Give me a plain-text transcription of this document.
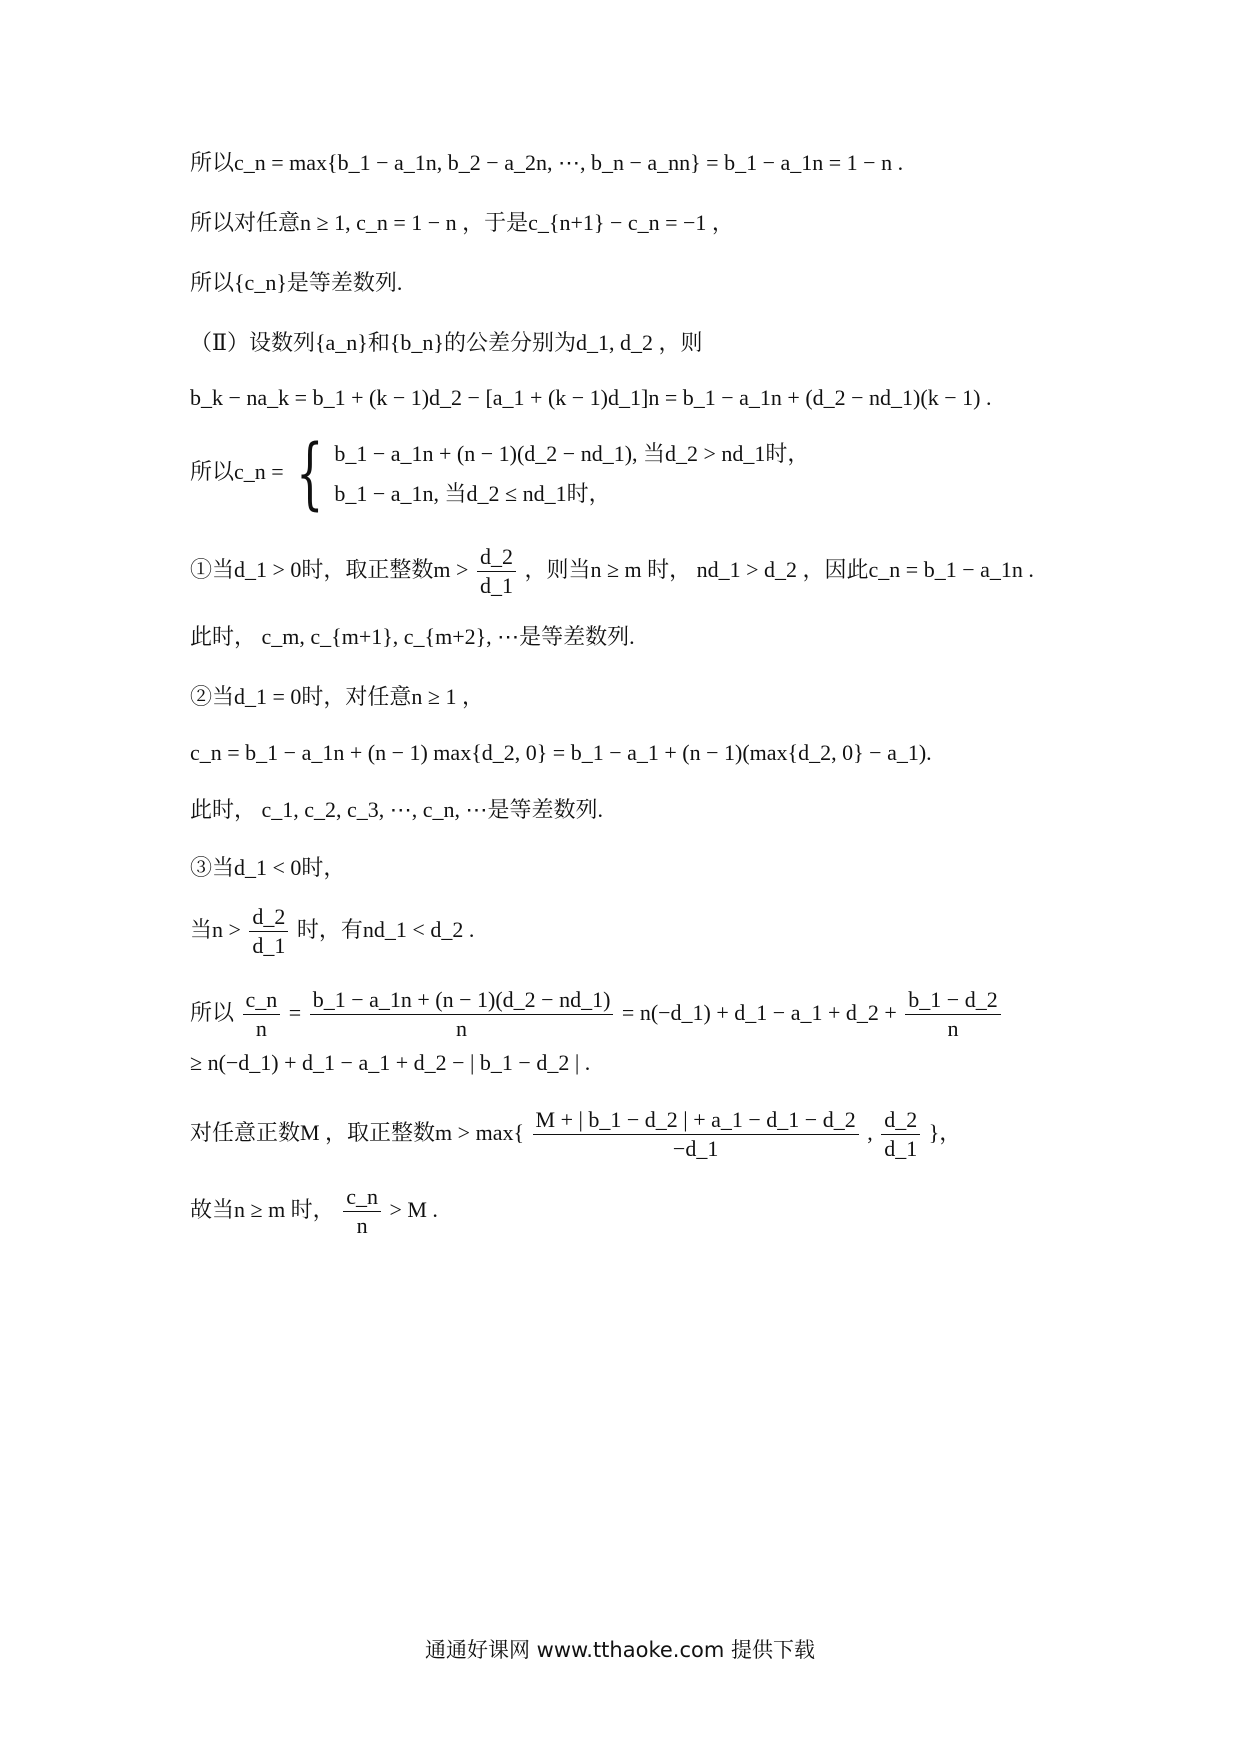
所以c_n = max{b_1 − a_1n, b_2 − a_2n, ⋯, b_n − a_nn} = b_1 − a_1n = 1 − n .
所以对任意n ≥ 1, c_n = 1 − n ，于是c_{n+1} − c_n = −1 ，
所以{c_n}是等差数列.
（Ⅱ）设数列{a_n}和{b_n}的公差分别为d_1, d_2 ，则
b_k − na_k = b_1 + (k − 1)d_2 − [a_1 + (k − 1)d_1]n = b_1 − a_1n + (d_2 − nd_1)(k − 1) .
所以c_n = { b_1 − a_1n + (n − 1)(d_2 − nd_1), 当d_2 > nd_1时，
b_1 − a_1n, 当d_2 ≤ nd_1时，
①当d_1 > 0时，取正整数$m > \frac{d\_2}{d\_1}$ ，则当n ≥ m 时， nd_1 > d_2 ，因此c_n = b_1 − a_1n .
此时， c_m, c_{m+1}, c_{m+2}, ⋯是等差数列.
②当d_1 = 0时，对任意n ≥ 1 ，
c_n = b_1 − a_1n + (n − 1) max{d_2, 0} = b_1 − a_1 + (n − 1)(max{d_2, 0} − a_1).
此时， c_1, c_2, c_3, ⋯, c_n, ⋯是等差数列.
③当d_1 < 0时，
当$n > \frac{d\_2}{d\_1}$ 时，有nd_1 < d_2 .
所以 $\frac{c\_n}{n} = \frac{b\_1 - a\_1n + (n - 1)(d\_2 - nd\_1)}{n}$ = n(−d_1) + d_1 − a_1 + d_2 + $\frac{b\_1 - d\_2}{n}$
≥ n(−d_1) + d_1 − a_1 + d_2 − | b_1 − d_2 | .
对任意正数M ，取正整数$m > \max\{ \frac{M + | b\_1 - d\_2 | + a\_1 - d\_1 - d\_2}{-d\_1}$ , $\frac{d\_2}{d\_1}$ }，
故当n ≥ m 时， $\frac{c\_n}{n} > M$ .
通通好课网 www.tthaoke.com 提供下载
